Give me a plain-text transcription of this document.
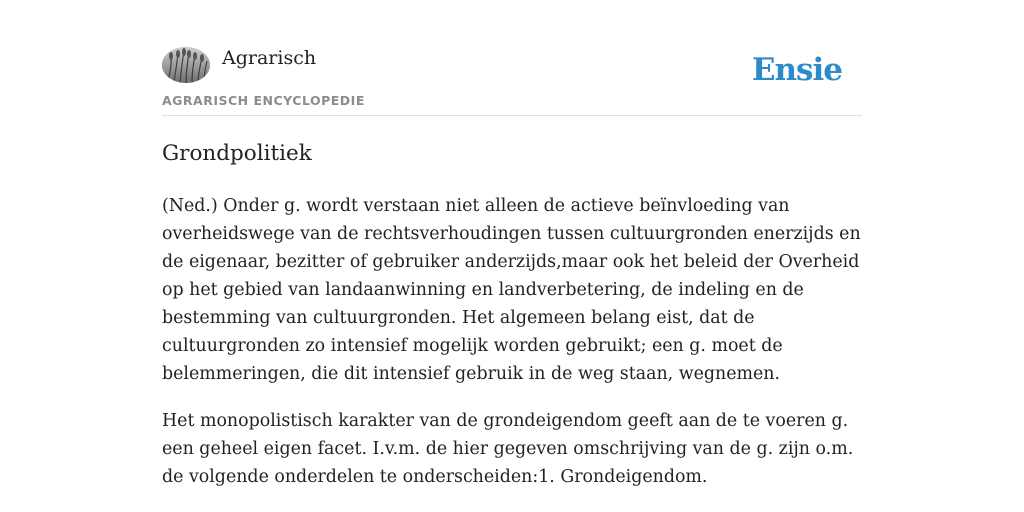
Agrarisch
AGRARISCH ENCYCLOPEDIE
Ensie
Grondpolitiek

(Ned.) Onder g. wordt verstaan niet alleen de actieve beïnvloeding van overheidswege van de rechtsverhoudingen tussen cultuurgronden enerzijds en de eigenaar, bezitter of gebruiker anderzijds,maar ook het beleid der Overheid op het gebied van landaanwinning en landverbetering, de indeling en de bestemming van cultuurgronden. Het algemeen belang eist, dat de cultuurgronden zo intensief mogelijk worden gebruikt; een g. moet de belemmeringen, die dit intensief gebruik in de weg staan, wegnemen.

Het monopolistisch karakter van de grondeigendom geeft aan de te voeren g. een geheel eigen facet. I.v.m. de hier gegeven omschrijving van de g. zijn o.m. de volgende onderdelen te onderscheiden:1. Grondeigendom.
